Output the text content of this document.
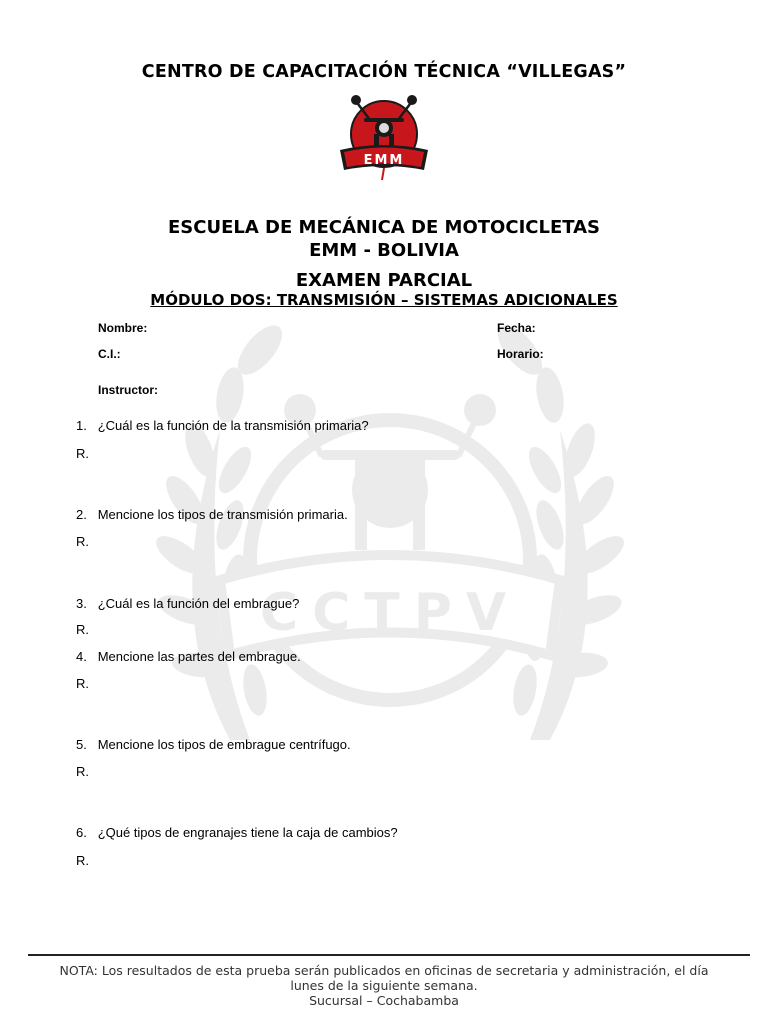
CCTPV
CENTRO DE CAPACITACIÓN TÉCNICA “VILLEGAS”
EMM
ESCUELA DE MECÁNICA DE MOTOCICLETAS
EMM - BOLIVIA
EXAMEN PARCIAL
MÓDULO DOS: TRANSMISIÓN – SISTEMAS ADICIONALES
Nombre:	Fecha:
C.I.:	Horario:
Instructor:
1. ¿Cuál es la función de la transmisión primaria?
R.
2. Mencione los tipos de transmisión primaria.
R.
3. ¿Cuál es la función del embrague?
R.
4. Mencione las partes del embrague.
R.
5. Mencione los tipos de embrague centrífugo.
R.
6. ¿Qué tipos de engranajes tiene la caja de cambios?
R.
NOTA: Los resultados de esta prueba serán publicados en oficinas de secretaria y administración, el día
lunes de la siguiente semana.
Sucursal – Cochabamba
